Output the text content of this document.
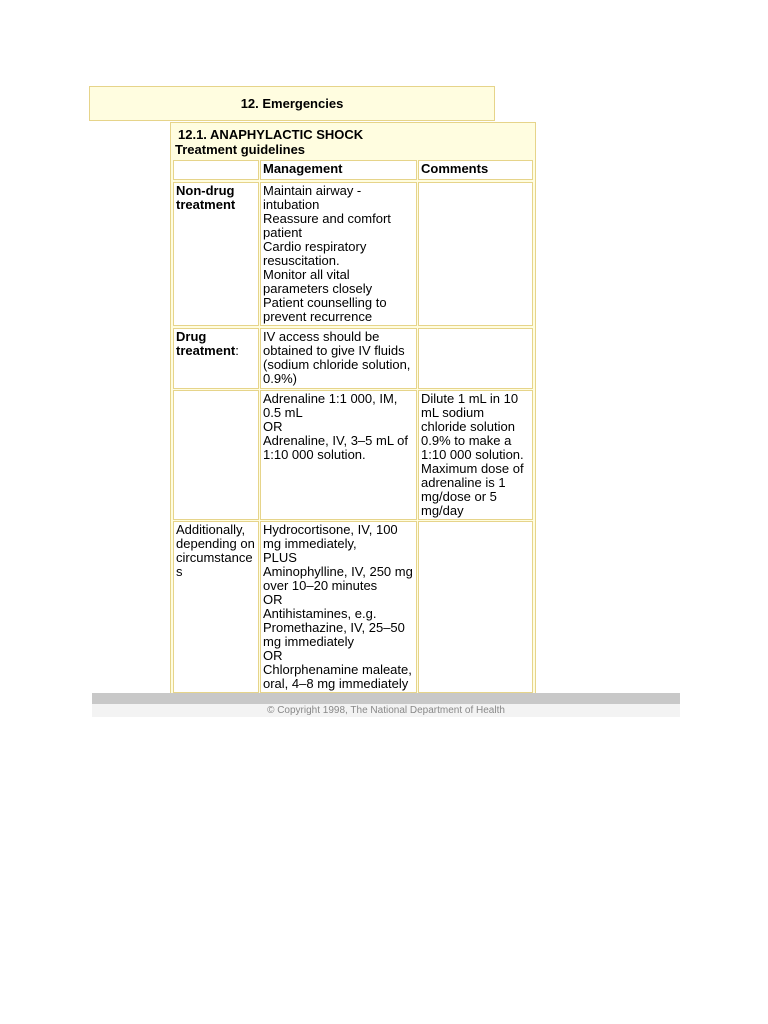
12. Emergencies
12.1. ANAPHYLACTIC SHOCK
Treatment guidelines
Management	Comments
Non-drug
treatment
Maintain airway -
intubation
Reassure and comfort
patient
Cardio respiratory
resuscitation.
Monitor all vital
parameters closely
Patient counselling to
prevent recurrence
Drug
treatment:
IV access should be
obtained to give IV fluids
(sodium chloride solution,
0.9%)
Adrenaline 1:1 000, IM,
0.5 mL
OR
Adrenaline, IV, 3–5 mL of
1:10 000 solution.
Dilute 1 mL in 10
mL sodium
chloride solution
0.9% to make a
1:10 000 solution.
Maximum dose of
adrenaline is 1
mg/dose or 5
mg/day
Additionally,
depending on
circumstance
s
Hydrocortisone, IV, 100
mg immediately,
PLUS
Aminophylline, IV, 250 mg
over 10–20 minutes
OR
Antihistamines, e.g.
Promethazine, IV, 25–50
mg immediately
OR
Chlorphenamine maleate,
oral, 4–8 mg immediately
© Copyright 1998, The National Department of Health
